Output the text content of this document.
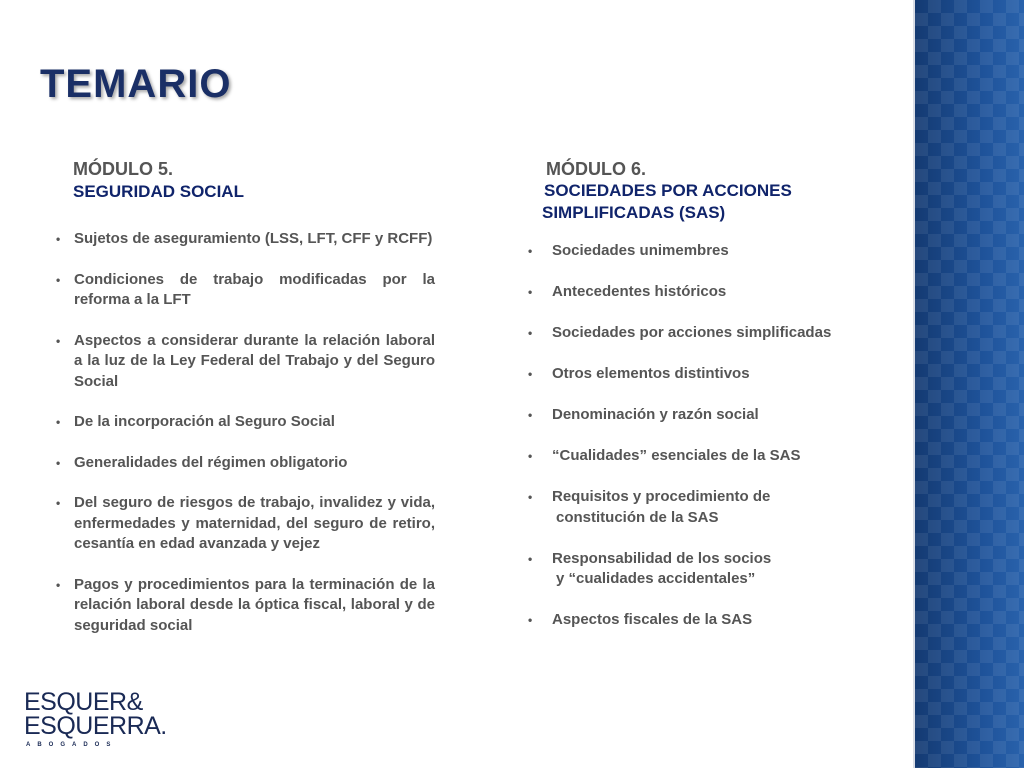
TEMARIO
MÓDULO 5.
SEGURIDAD SOCIAL
• Sujetos de aseguramiento (LSS, LFT, CFF y RCFF)
• Condiciones de trabajo modificadas por la reforma a la LFT
• Aspectos a considerar durante la relación laboral a la luz de la Ley Federal del Trabajo y del Seguro Social
• De la incorporación al Seguro Social
• Generalidades del régimen obligatorio
• Del seguro de riesgos de trabajo, invalidez y vida, enfermedades y maternidad, del seguro de retiro, cesantía en edad avanzada y vejez
• Pagos y procedimientos para la terminación de la relación laboral desde la óptica fiscal, laboral y de seguridad social
MÓDULO 6.
SOCIEDADES POR ACCIONES
SIMPLIFICADAS (SAS)
• Sociedades unimembres
• Antecedentes históricos
• Sociedades por acciones simplificadas
• Otros elementos distintivos
• Denominación y razón social
• “Cualidades” esenciales de la SAS
• Requisitos y procedimiento de
constitución de la SAS
• Responsabilidad de los socios
y “cualidades accidentales”
• Aspectos fiscales de la SAS
ESQUER&
ESQUERRA.
ABOGADOS
